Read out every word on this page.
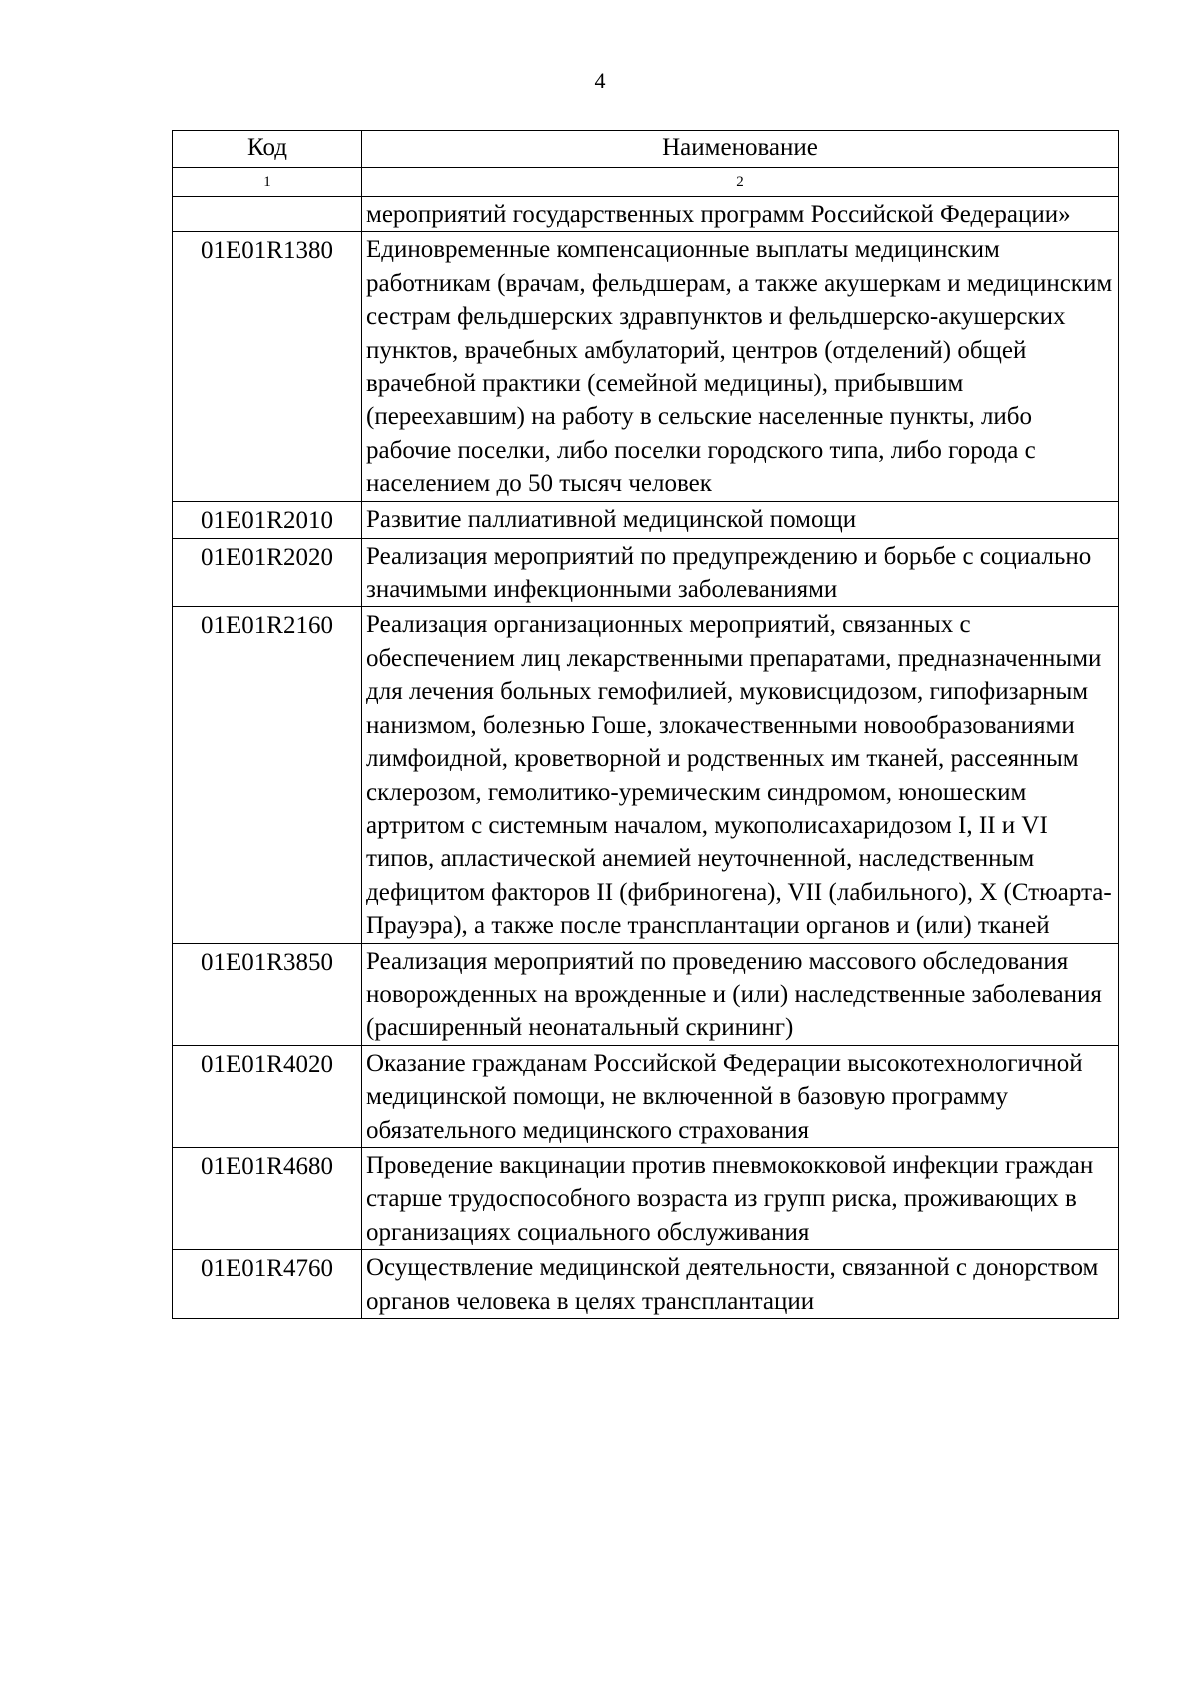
4
Код	Наименование
1	2
	мероприятий государственных программ Российской Федерации»
01Е01R1380	Единовременные компенсационные выплаты медицинским работникам (врачам, фельдшерам, а также акушеркам и медицинским сестрам фельдшерских здравпунктов и фельдшерско-акушерских пунктов, врачебных амбулаторий, центров (отделений) общей врачебной практики (семейной медицины), прибывшим (переехавшим) на работу в сельские населенные пункты, либо рабочие поселки, либо поселки городского типа, либо города с населением до 50 тысяч человек
01Е01R2010	Развитие паллиативной медицинской помощи
01Е01R2020	Реализация мероприятий по предупреждению и борьбе с социально значимыми инфекционными заболеваниями
01Е01R2160	Реализация организационных мероприятий, связанных с обеспечением лиц лекарственными препаратами, предназначенными для лечения больных гемофилией, муковисцидозом, гипофизарным нанизмом, болезнью Гоше, злокачественными новообразованиями лимфоидной, кроветворной и родственных им тканей, рассеянным склерозом, гемолитико-уремическим синдромом, юношеским артритом с системным началом, мукополисахаридозом I, II и VI типов, апластической анемией неуточненной, наследственным дефицитом факторов II (фибриногена), VII (лабильного), X (Стюарта-Прауэра), а также после трансплантации органов и (или) тканей
01Е01R3850	Реализация мероприятий по проведению массового обследования новорожденных на врожденные и (или) наследственные заболевания (расширенный неонатальный скрининг)
01Е01R4020	Оказание гражданам Российской Федерации высокотехнологичной медицинской помощи, не включенной в базовую программу обязательного медицинского страхования
01Е01R4680	Проведение вакцинации против пневмококковой инфекции граждан старше трудоспособного возраста из групп риска, проживающих в организациях социального обслуживания
01Е01R4760	Осуществление медицинской деятельности, связанной с донорством органов человека в целях трансплантации
